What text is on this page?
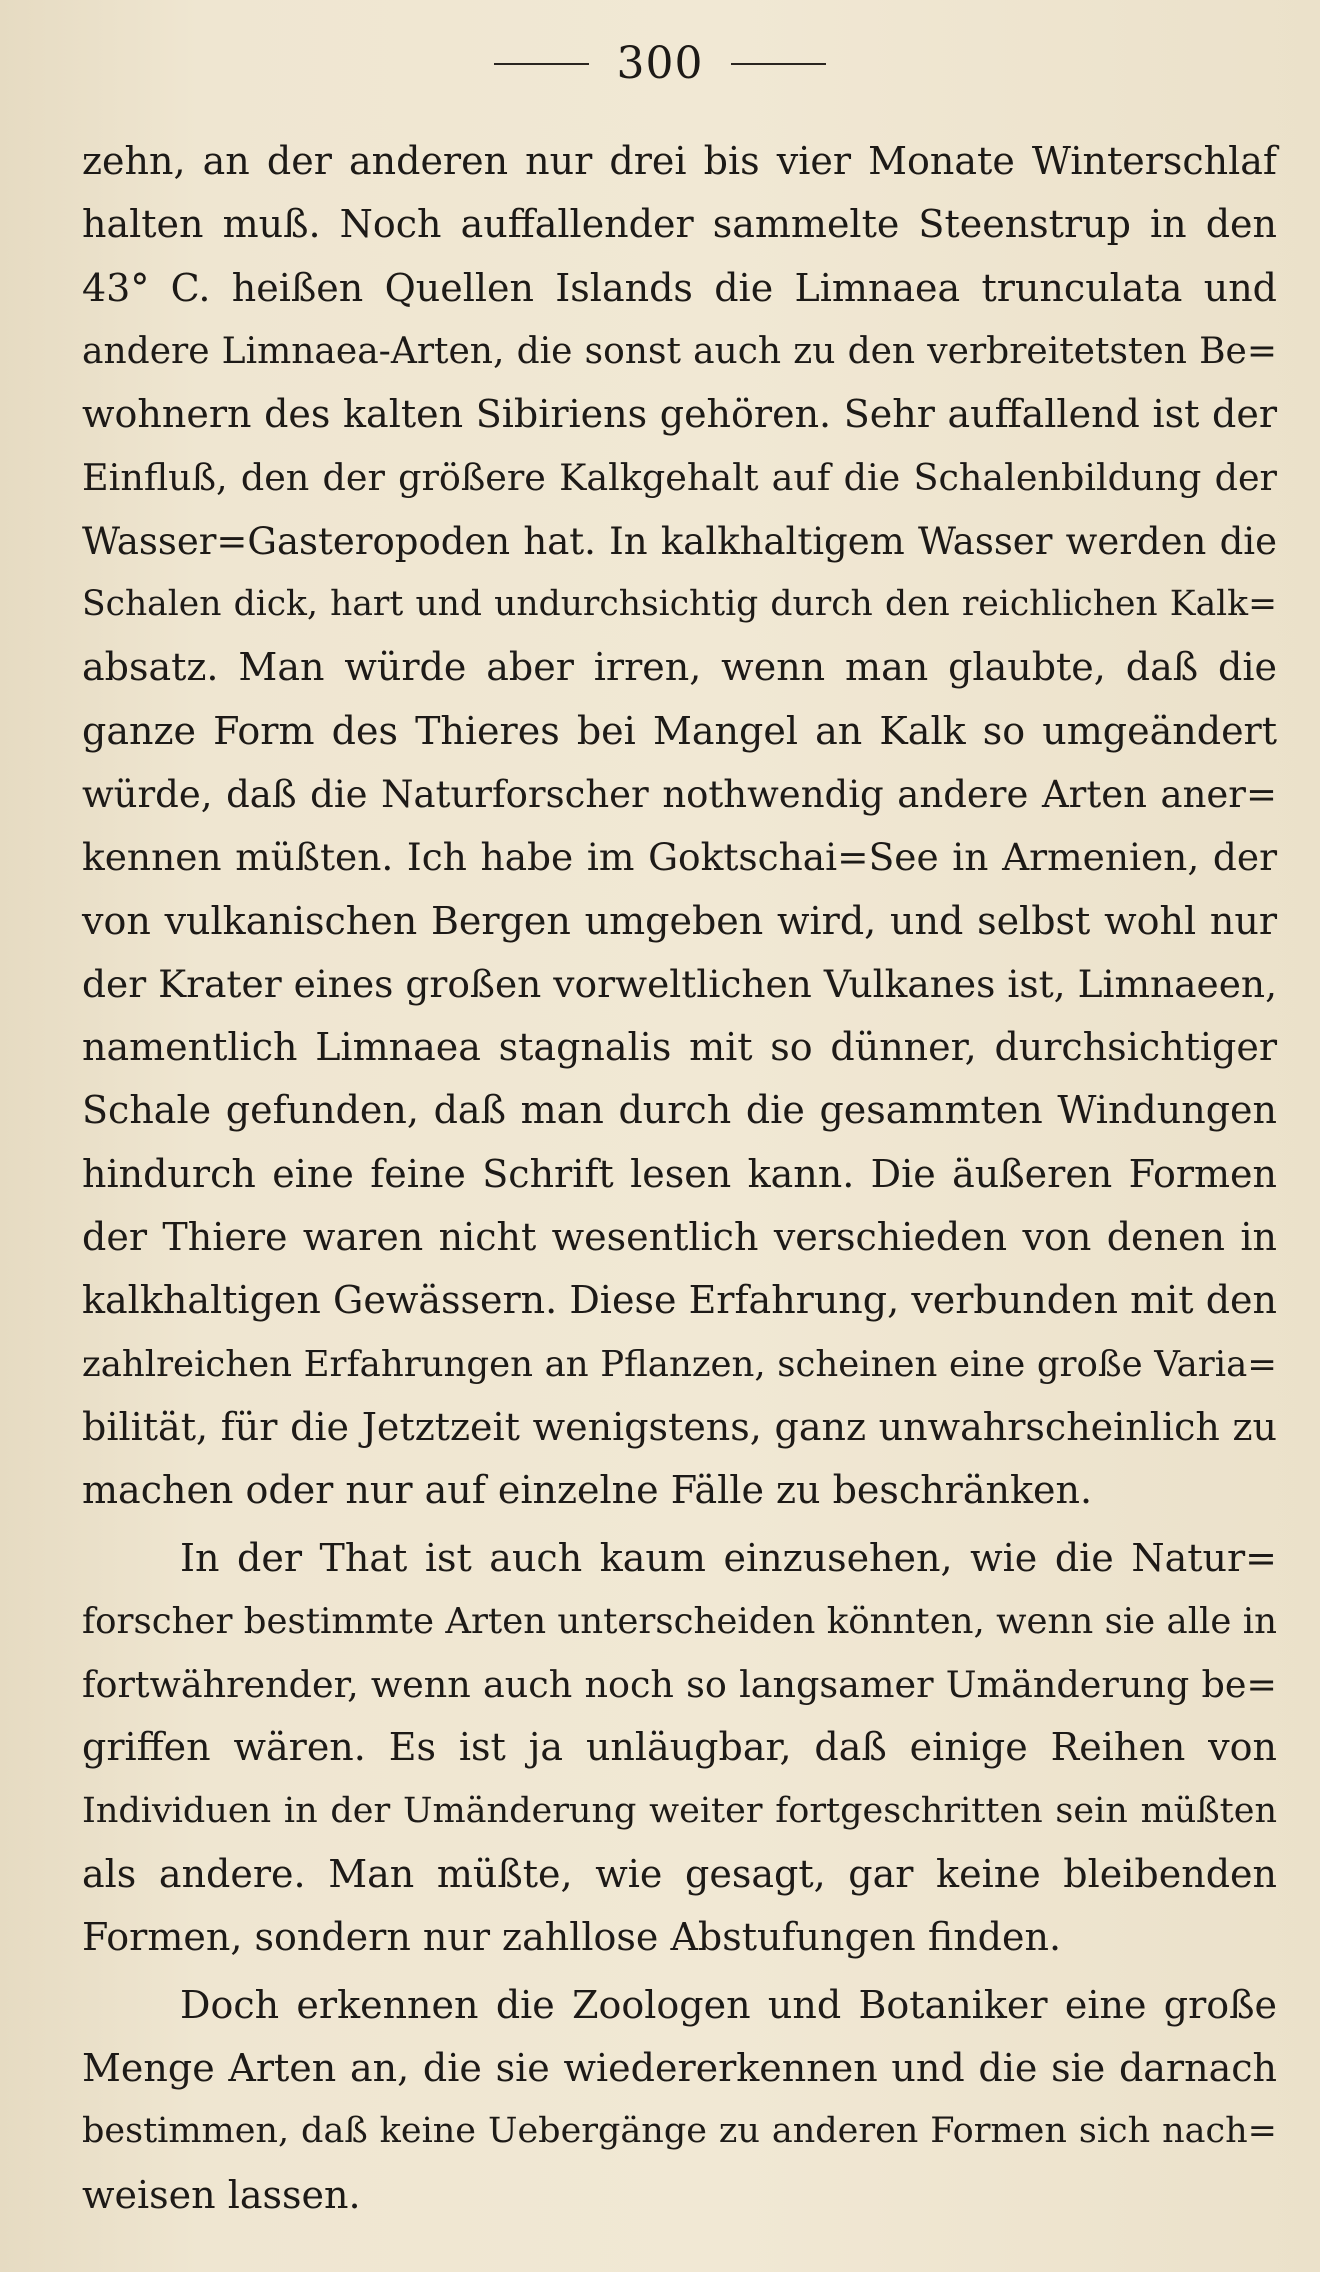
300
zehn, an der anderen nur drei bis vier Monate Winterschlaf
halten muß. Noch auffallender sammelte Steenstrup in den
43° C. heißen Quellen Islands die Limnaea trunculata und
andere Limnaea-Arten, die sonst auch zu den verbreitetsten Be=
wohnern des kalten Sibiriens gehören. Sehr auffallend ist der
Einfluß, den der größere Kalkgehalt auf die Schalenbildung der
Wasser=Gasteropoden hat. In kalkhaltigem Wasser werden die
Schalen dick, hart und undurchsichtig durch den reichlichen Kalk=
absatz. Man würde aber irren, wenn man glaubte, daß die
ganze Form des Thieres bei Mangel an Kalk so umgeändert
würde, daß die Naturforscher nothwendig andere Arten aner=
kennen müßten. Ich habe im Goktschai=See in Armenien, der
von vulkanischen Bergen umgeben wird, und selbst wohl nur
der Krater eines großen vorweltlichen Vulkanes ist, Limnaeen,
namentlich Limnaea stagnalis mit so dünner, durchsichtiger
Schale gefunden, daß man durch die gesammten Windungen
hindurch eine feine Schrift lesen kann. Die äußeren Formen
der Thiere waren nicht wesentlich verschieden von denen in
kalkhaltigen Gewässern. Diese Erfahrung, verbunden mit den
zahlreichen Erfahrungen an Pflanzen, scheinen eine große Varia=
bilität, für die Jetztzeit wenigstens, ganz unwahrscheinlich zu
machen oder nur auf einzelne Fälle zu beschränken.
In der That ist auch kaum einzusehen, wie die Natur=
forscher bestimmte Arten unterscheiden könnten, wenn sie alle in
fortwährender, wenn auch noch so langsamer Umänderung be=
griffen wären. Es ist ja unläugbar, daß einige Reihen von
Individuen in der Umänderung weiter fortgeschritten sein müßten
als andere. Man müßte, wie gesagt, gar keine bleibenden
Formen, sondern nur zahllose Abstufungen finden.
Doch erkennen die Zoologen und Botaniker eine große
Menge Arten an, die sie wiedererkennen und die sie darnach
bestimmen, daß keine Uebergänge zu anderen Formen sich nach=
weisen lassen.
